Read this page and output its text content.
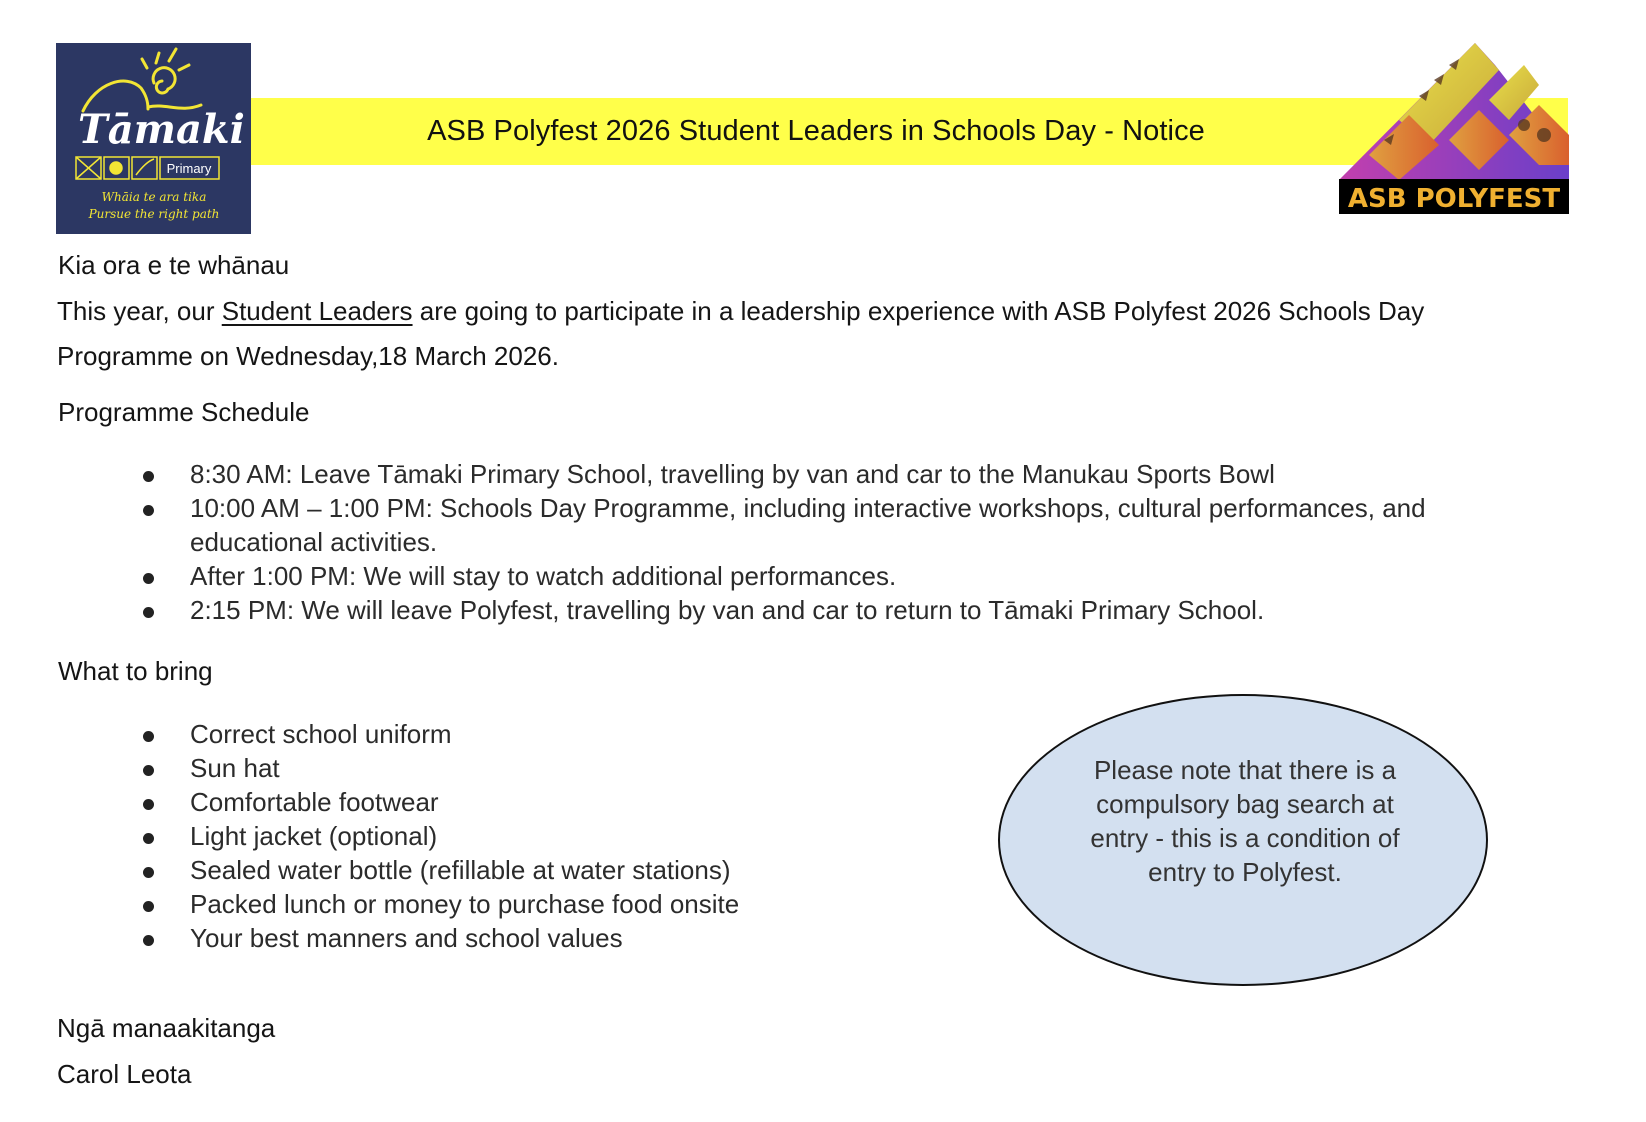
Tāmaki
Primary
Whāia te ara tika
Pursue the right path
ASB Polyfest 2026 Student Leaders in Schools Day - Notice
ASB POLYFEST
Kia ora e te whānau
This year, our Student Leaders are going to participate in a leadership experience with ASB Polyfest 2026 Schools Day
Programme on Wednesday,18 March 2026.
Programme Schedule
8:30 AM: Leave Tāmaki Primary School, travelling by van and car to the Manukau Sports Bowl
10:00 AM – 1:00 PM: Schools Day Programme, including interactive workshops, cultural performances, and
educational activities.
After 1:00 PM: We will stay to watch additional performances.
2:15 PM: We will leave Polyfest, travelling by van and car to return to Tāmaki Primary School.
What to bring
Correct school uniform
Sun hat
Comfortable footwear
Light jacket (optional)
Sealed water bottle (refillable at water stations)
Packed lunch or money to purchase food onsite
Your best manners and school values
Please note that there is a compulsory bag search at entry - this is a condition of entry to Polyfest.
Ngā manaakitanga
Carol Leota
